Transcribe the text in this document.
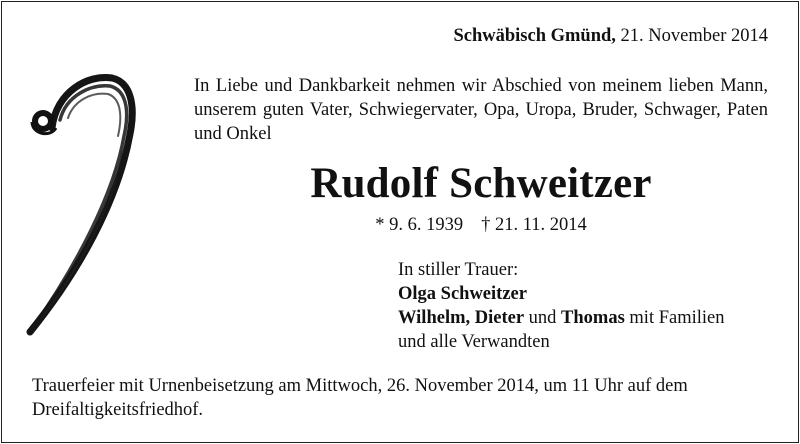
Schwäbisch Gmünd, 21. November 2014
In Liebe und Dankbarkeit nehmen wir Abschied von meinem lieben Mann, unserem guten Vater, Schwiegervater, Opa, Uropa, Bruder, Schwager, Paten und Onkel
Rudolf Schweitzer
* 9. 6. 1939 † 21. 11. 2014
In stiller Trauer:
Olga Schweitzer
Wilhelm, Dieter und Thomas mit Familien
und alle Verwandten
Trauerfeier mit Urnenbeisetzung am Mittwoch, 26. November 2014, um 11 Uhr auf dem Dreifaltigkeitsfriedhof.
